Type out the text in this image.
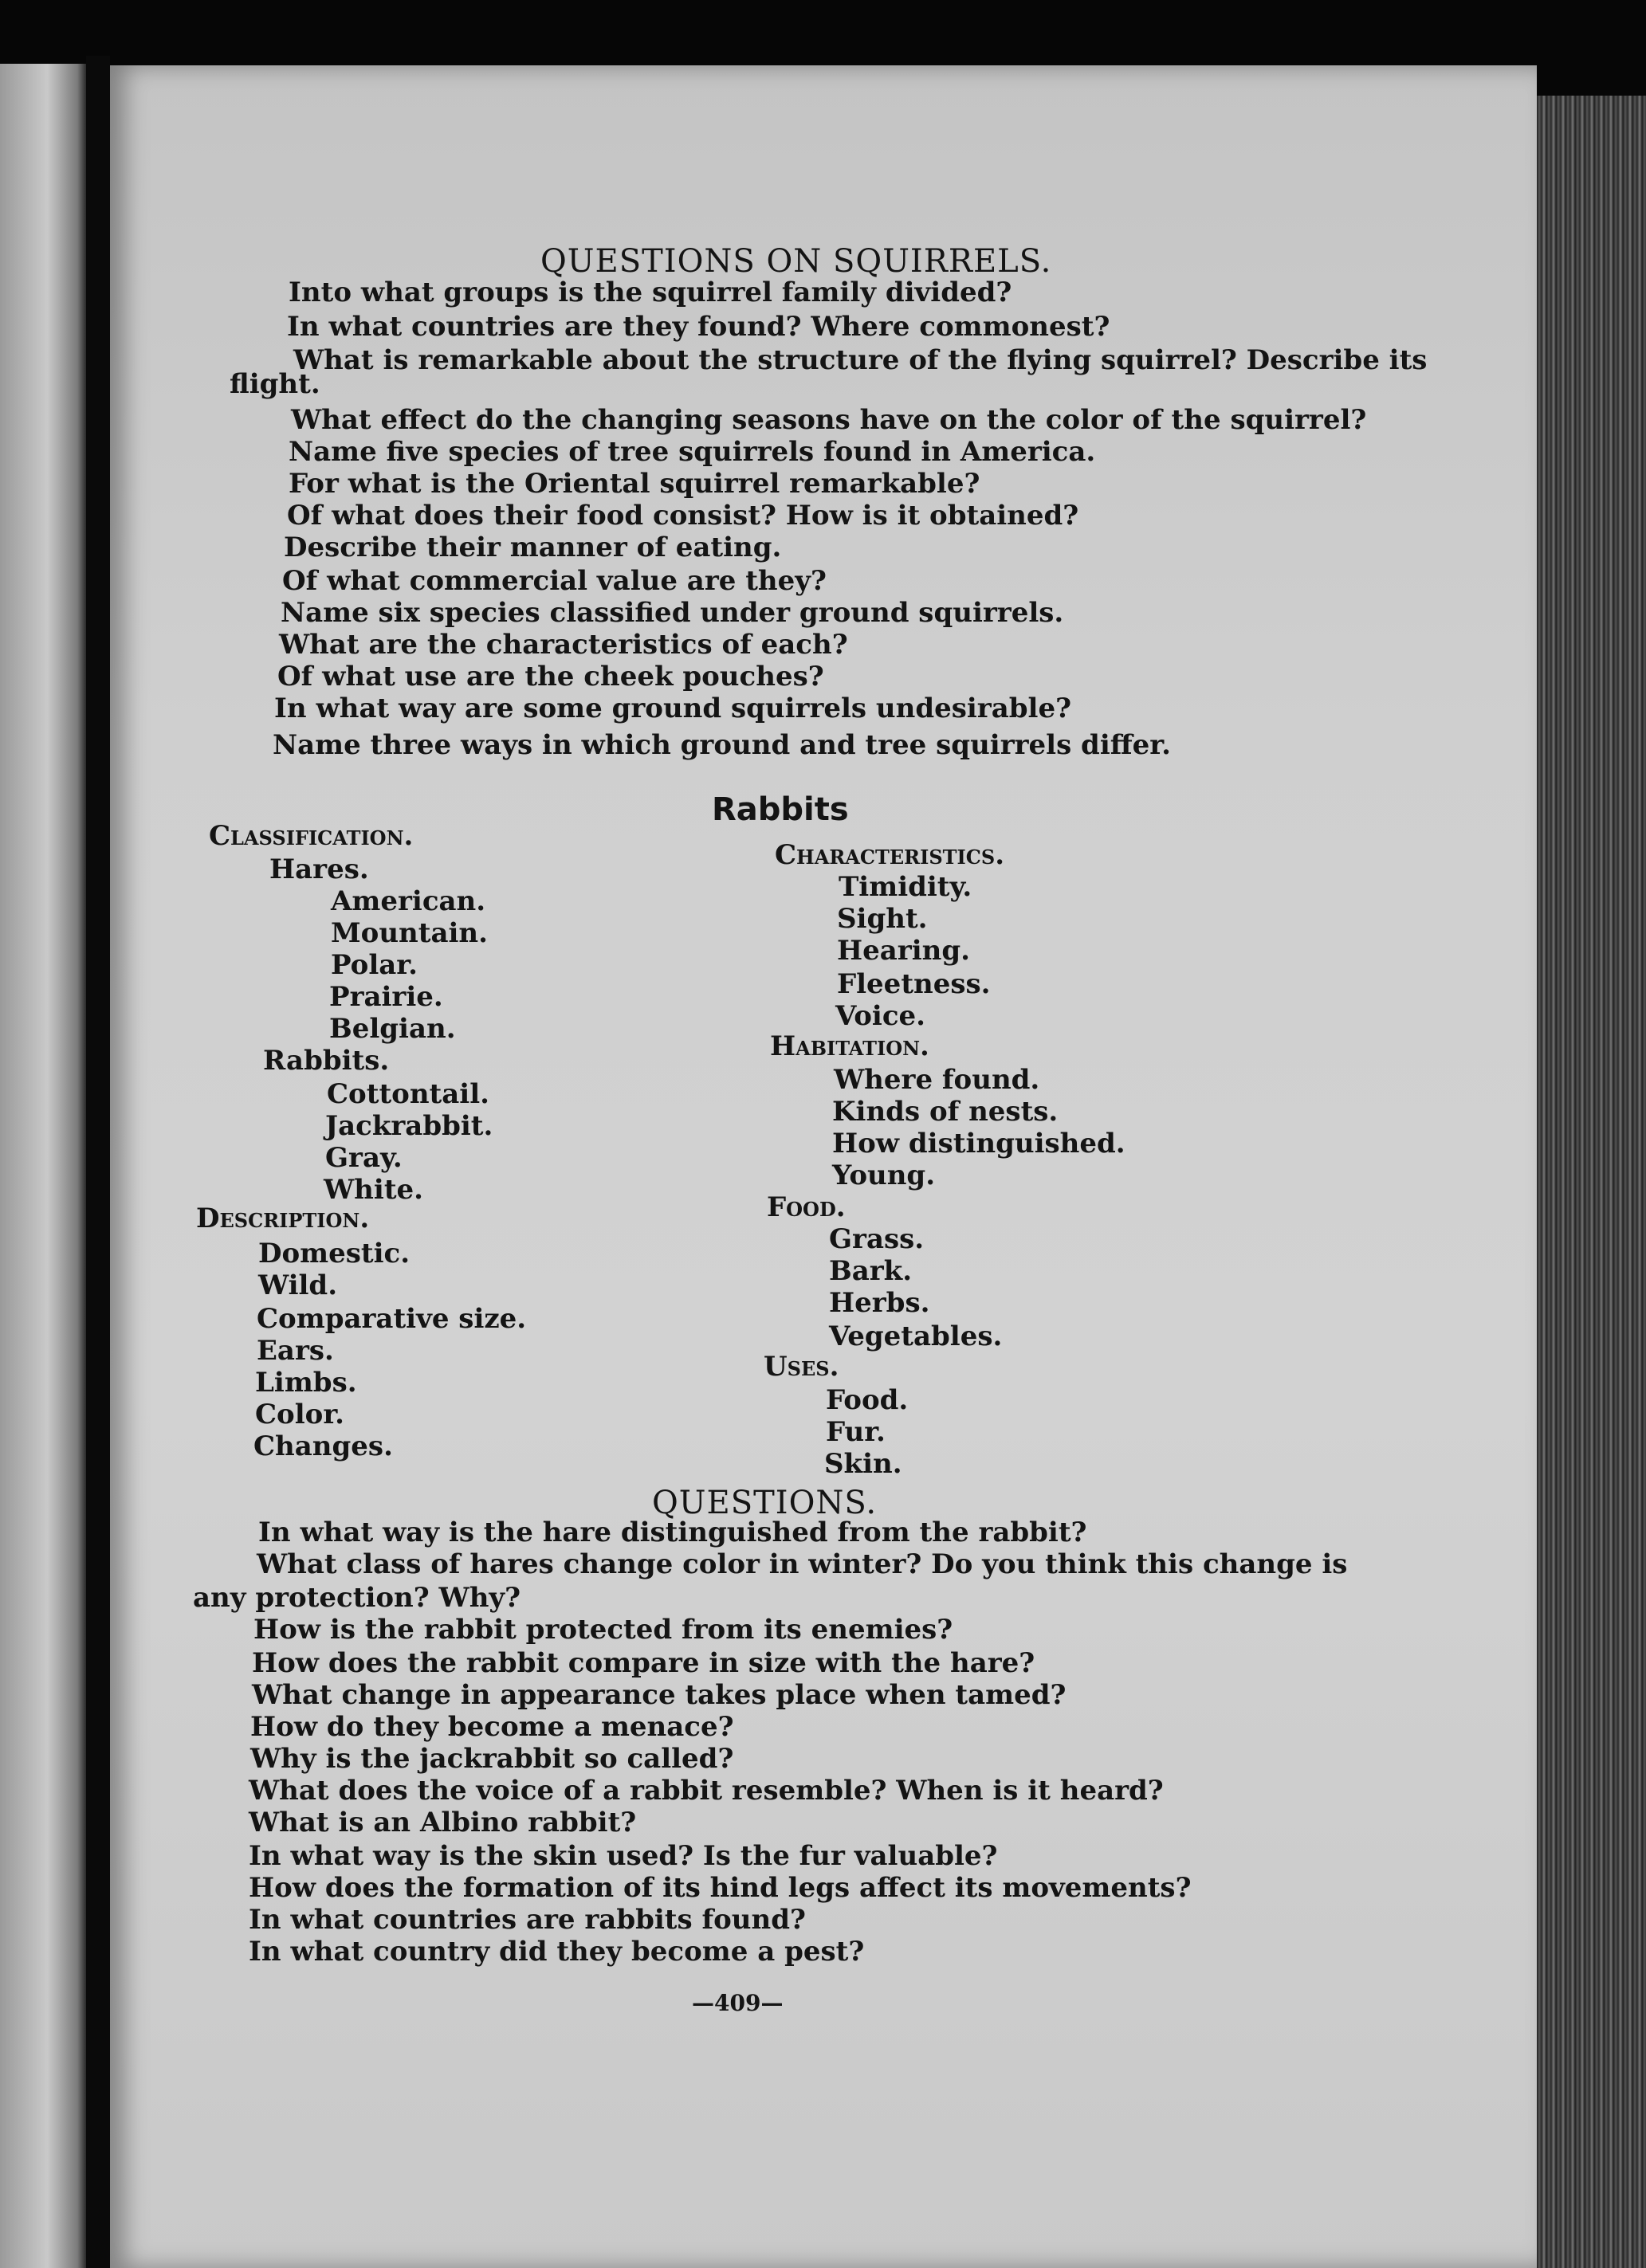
QUESTIONS ON SQUIRRELS.
Into what groups is the squirrel family divided?
In what countries are they found? Where commonest?
What is remarkable about the structure of the flying squirrel? Describe its
flight.
What effect do the changing seasons have on the color of the squirrel?
Name five species of tree squirrels found in America.
For what is the Oriental squirrel remarkable?
Of what does their food consist? How is it obtained?
Describe their manner of eating.
Of what commercial value are they?
Name six species classified under ground squirrels.
What are the characteristics of each?
Of what use are the cheek pouches?
In what way are some ground squirrels undesirable?
Name three ways in which ground and tree squirrels differ.
Rabbits
Classification.
Hares.
American.
Mountain.
Polar.
Prairie.
Belgian.
Rabbits.
Cottontail.
Jackrabbit.
Gray.
White.
Description.
Domestic.
Wild.
Comparative size.
Ears.
Limbs.
Color.
Changes.
Characteristics.
Timidity.
Sight.
Hearing.
Fleetness.
Voice.
Habitation.
Where found.
Kinds of nests.
How distinguished.
Young.
Food.
Grass.
Bark.
Herbs.
Vegetables.
Uses.
Food.
Fur.
Skin.
QUESTIONS.
In what way is the hare distinguished from the rabbit?
What class of hares change color in winter? Do you think this change is
any protection? Why?
How is the rabbit protected from its enemies?
How does the rabbit compare in size with the hare?
What change in appearance takes place when tamed?
How do they become a menace?
Why is the jackrabbit so called?
What does the voice of a rabbit resemble? When is it heard?
What is an Albino rabbit?
In what way is the skin used? Is the fur valuable?
How does the formation of its hind legs affect its movements?
In what countries are rabbits found?
In what country did they become a pest?
—409—
